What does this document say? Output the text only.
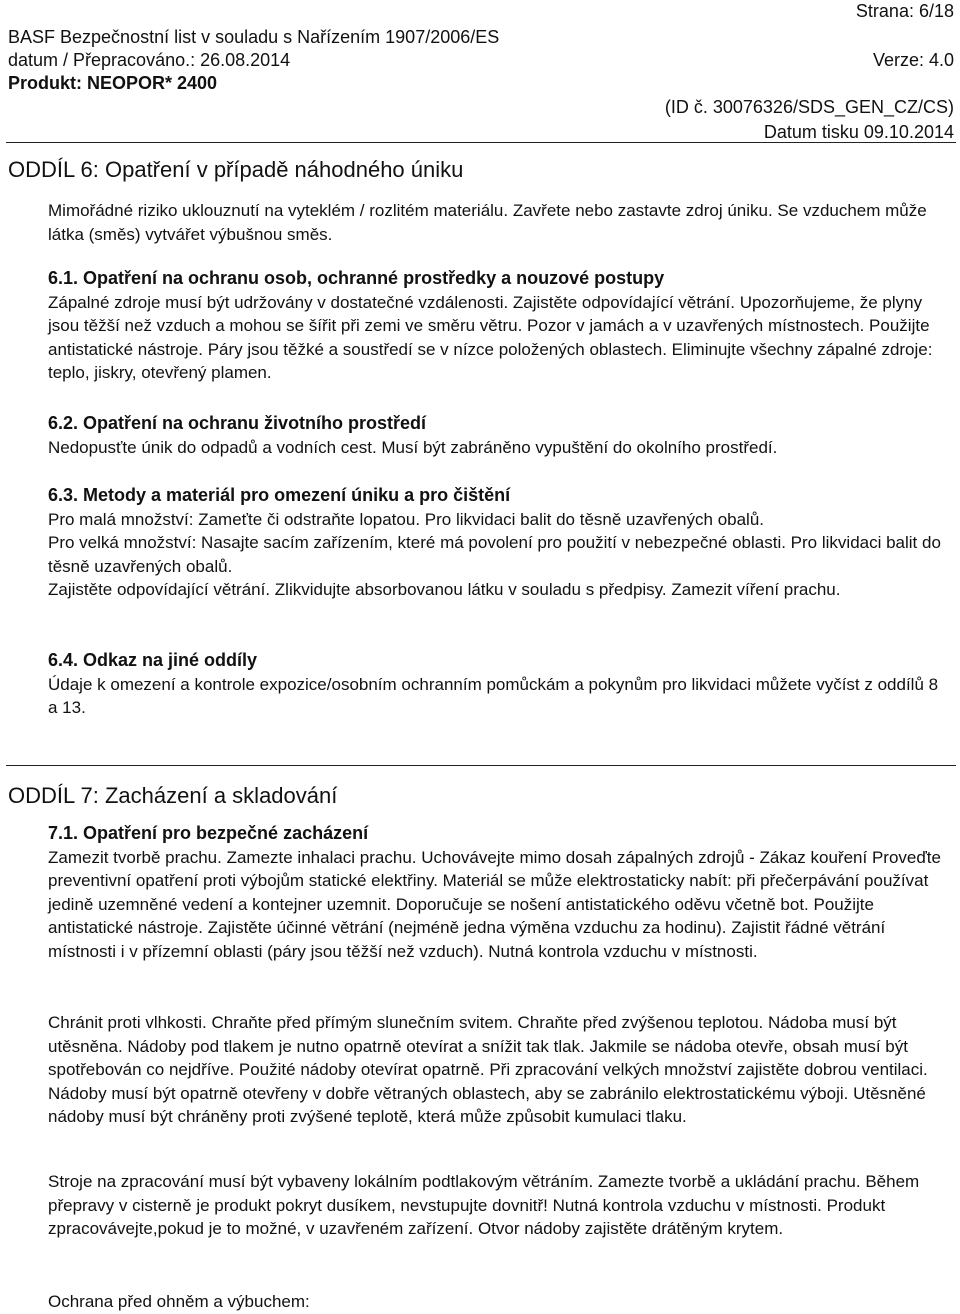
BASF Bezpečnostní list v souladu s Nařízením 1907/2006/ES
datum / Přepracováno.: 26.08.2014
Produkt: NEOPOR* 2400
Strana: 6/18
Verze: 4.0
(ID č. 30076326/SDS_GEN_CZ/CS)
Datum tisku 09.10.2014
ODDÍL 6: Opatření v případě náhodného úniku
Mimořádné riziko uklouznutí na vyteklém / rozlitém materiálu. Zavřete nebo zastavte zdroj úniku. Se vzduchem může látka (směs) vytvářet výbušnou směs.
6.1. Opatření na ochranu osob, ochranné prostředky a nouzové postupy

Zápalné zdroje musí být udržovány v dostatečné vzdálenosti. Zajistěte odpovídající větrání. Upozorňujeme, že plyny jsou těžší než vzduch a mohou se šířit při zemi ve směru větru. Pozor v jamách a v uzavřených místnostech. Použijte antistatické nástroje. Páry jsou těžké a soustředí se v nízce položených oblastech. Eliminujte všechny zápalné zdroje: teplo, jiskry, otevřený plamen.

6.2. Opatření na ochranu životního prostředí

Nedopusťte únik do odpadů a vodních cest. Musí být zabráněno vypuštění do okolního prostředí.

6.3. Metody a materiál pro omezení úniku a pro čištění

Pro malá množství: Zameťte či odstraňte lopatou. Pro likvidaci balit do těsně uzavřených obalů.

Pro velká množství: Nasajte sacím zařízením, které má povolení pro použití v nebezpečné oblasti. Pro likvidaci balit do těsně uzavřených obalů.

Zajistěte odpovídající větrání. Zlikvidujte absorbovanou látku v souladu s předpisy. Zamezit víření prachu.

6.4. Odkaz na jiné oddíly

Údaje k omezení a kontrole expozice/osobním ochranním pomůckám a pokynům pro likvidaci můžete vyčíst z oddílů 8 a 13.

ODDÍL 7: Zacházení a skladování
7.1. Opatření pro bezpečné zacházení

Zamezit tvorbě prachu. Zamezte inhalaci prachu. Uchovávejte mimo dosah zápalných zdrojů - Zákaz kouření Proveďte preventivní opatření proti výbojům statické elektřiny. Materiál se může elektrostaticky nabít: při přečerpávání používat jedině uzemněné vedení a kontejner uzemnit. Doporučuje se nošení antistatického oděvu včetně bot. Použijte antistatické nástroje. Zajistěte účinné větrání (nejméně jedna výměna vzduchu za hodinu). Zajistit řádné větrání místnosti i v přízemní oblasti (páry jsou těžší než vzduch). Nutná kontrola vzduchu v místnosti.

Chránit proti vlhkosti. Chraňte před přímým slunečním svitem. Chraňte před zvýšenou teplotou. Nádoba musí být utěsněna. Nádoby pod tlakem je nutno opatrně otevírat a snížit tak tlak. Jakmile se nádoba otevře, obsah musí být spotřebován co nejdříve. Použité nádoby otevírat opatrně. Při zpracování velkých množství zajistěte dobrou ventilaci. Nádoby musí být opatrně otevřeny v dobře větraných oblastech, aby se zabránilo elektrostatickému výboji. Utěsněné nádoby musí být chráněny proti zvýšené teplotě, která může způsobit kumulaci tlaku.
Stroje na zpracování musí být vybaveny lokálním podtlakovým větráním. Zamezte tvorbě a ukládání prachu. Během přepravy v cisterně je produkt pokryt dusíkem, nevstupujte dovnitř! Nutná kontrola vzduchu v místnosti. Produkt zpracovávejte,pokud je to možné, v uzavřeném zařízení. Otvor nádoby zajistěte drátěným krytem.
Ochrana před ohněm a výbuchem:
